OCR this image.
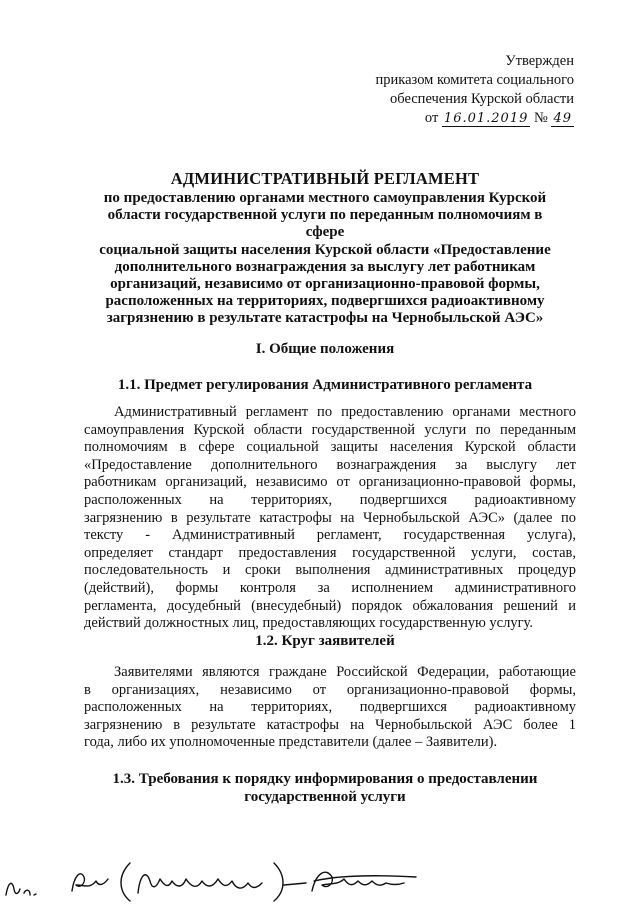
Утвержден
приказом комитета социального
обеспечения Курской области
от 16.01.2019 № 49
АДМИНИСТРАТИВНЫЙ РЕГЛАМЕНТ
по предоставлению органами местного самоуправления Курской
области государственной услуги по переданным полномочиям в сфере
социальной защиты населения Курской области «Предоставление
дополнительного вознаграждения за выслугу лет работникам
организаций, независимо от организационно-правовой формы,
расположенных на территориях, подвергшихся радиоактивному
загрязнению в результате катастрофы на Чернобыльской АЭС»
I. Общие положения
1.1. Предмет регулирования Административного регламента
Административный регламент по предоставлению органами местного
самоуправления Курской области государственной услуги по переданным
полномочиям в сфере социальной защиты населения Курской области
«Предоставление дополнительного вознаграждения за выслугу лет
работникам организаций, независимо от организационно-правовой формы,
расположенных на территориях, подвергшихся радиоактивному
загрязнению в результате катастрофы на Чернобыльской АЭС» (далее по
тексту - Административный регламент, государственная услуга),
определяет стандарт предоставления государственной услуги, состав,
последовательность и сроки выполнения административных процедур
(действий), формы контроля за исполнением административного
регламента, досудебный (внесудебный) порядок обжалования решений и
действий должностных лиц, предоставляющих государственную услугу.
1.2. Круг заявителей
Заявителями являются граждане Российской Федерации, работающие
в организациях, независимо от организационно-правовой формы,
расположенных на территориях, подвергшихся радиоактивному
загрязнению в результате катастрофы на Чернобыльской АЭС более 1
года, либо их уполномоченные представители (далее – Заявители).
1.3. Требования к порядку информирования о предоставлении
государственной услуги
